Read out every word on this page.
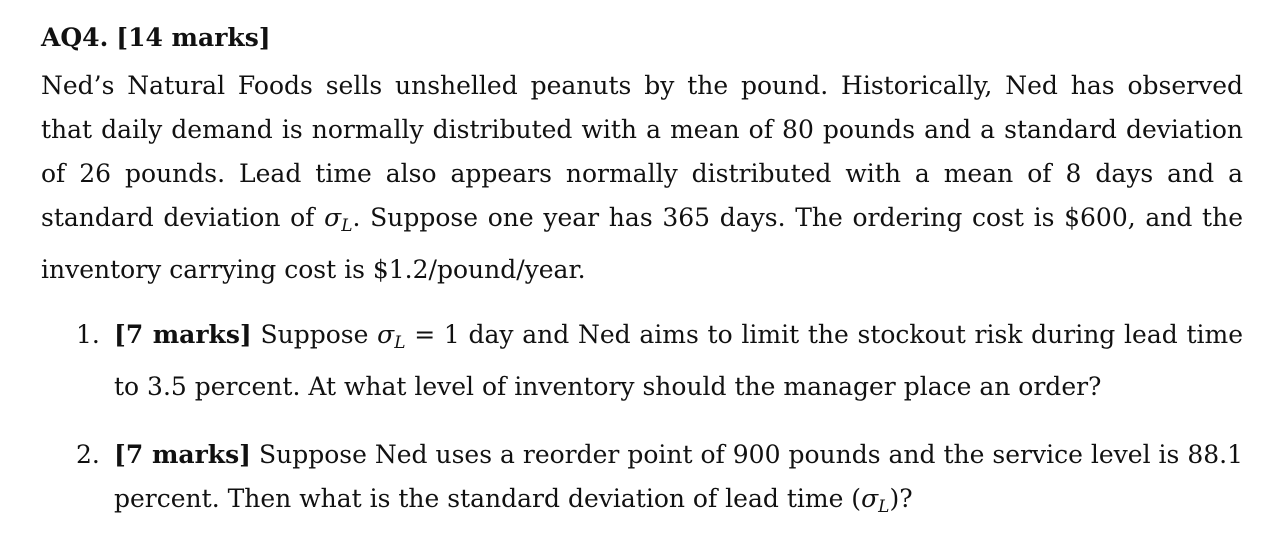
AQ4. [14 marks]
Ned’s Natural Foods sells unshelled peanuts by the pound. Historically, Ned has observed that daily demand is normally distributed with a mean of 80 pounds and a standard deviation of 26 pounds. Lead time also appears normally distributed with a mean of 8 days and a standard deviation of $\sigma_L$. Suppose one year has 365 days. The ordering cost is $600, and the inventory carrying cost is $1.2/pound/year.
1. [7 marks] Suppose $\sigma_L = 1$ day and Ned aims to limit the stockout risk during lead time to 3.5 percent. At what level of inventory should the manager place an order?
2. [7 marks] Suppose Ned uses a reorder point of 900 pounds and the service level is 88.1 percent. Then what is the standard deviation of lead time $(\sigma_L)$?
